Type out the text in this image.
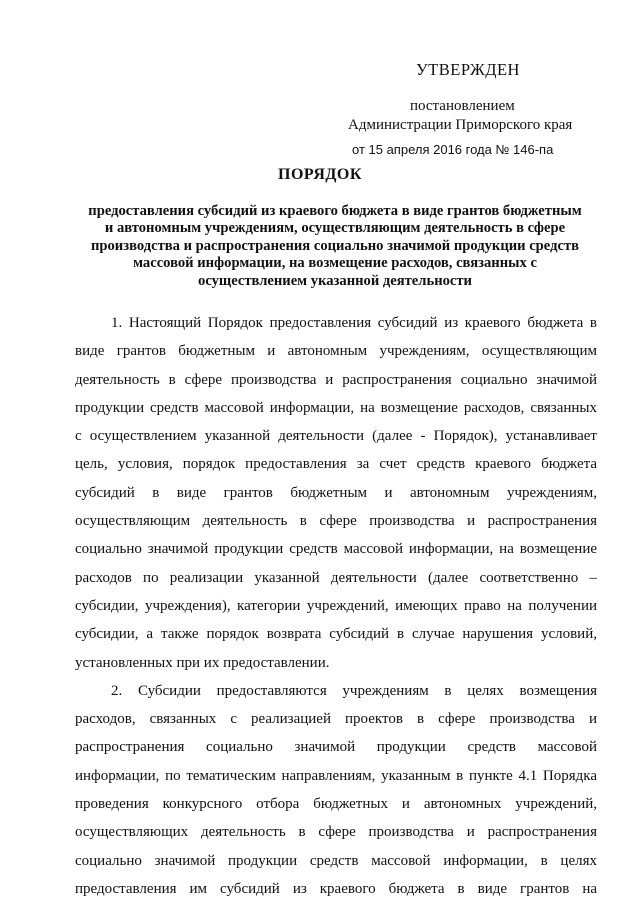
УТВЕРЖДЕН
постановлением
Администрации Приморского края
от 15 апреля 2016 года № 146-па
ПОРЯДОК
предоставления субсидий из краевого бюджета в виде грантов бюджетным
и автономным учреждениям, осуществляющим деятельность в сфере
производства и распространения социально значимой продукции средств
массовой информации, на возмещение расходов, связанных с
осуществлением указанной деятельности
1. Настоящий Порядок предоставления субсидий из краевого бюджета в
виде грантов бюджетным и автономным учреждениям, осуществляющим
деятельность в сфере производства и распространения социально значимой
продукции средств массовой информации, на возмещение расходов, связанных
с осуществлением указанной деятельности (далее - Порядок), устанавливает
цель, условия, порядок предоставления за счет средств краевого бюджета
субсидий в виде грантов бюджетным и автономным учреждениям,
осуществляющим деятельность в сфере производства и распространения
социально значимой продукции средств массовой информации, на возмещение
расходов по реализации указанной деятельности (далее соответственно –
субсидии, учреждения), категории учреждений, имеющих право на получении
субсидии, а также порядок возврата субсидий в случае нарушения условий,
установленных при их предоставлении.
2. Субсидии предоставляются учреждениям в целях возмещения
расходов, связанных с реализацией проектов в сфере производства и
распространения социально значимой продукции средств массовой
информации, по тематическим направлениям, указанным в пункте 4.1 Порядка
проведения конкурсного отбора бюджетных и автономных учреждений,
осуществляющих деятельность в сфере производства и распространения
социально значимой продукции средств массовой информации, в целях
предоставления им субсидий из краевого бюджета в виде грантов на
